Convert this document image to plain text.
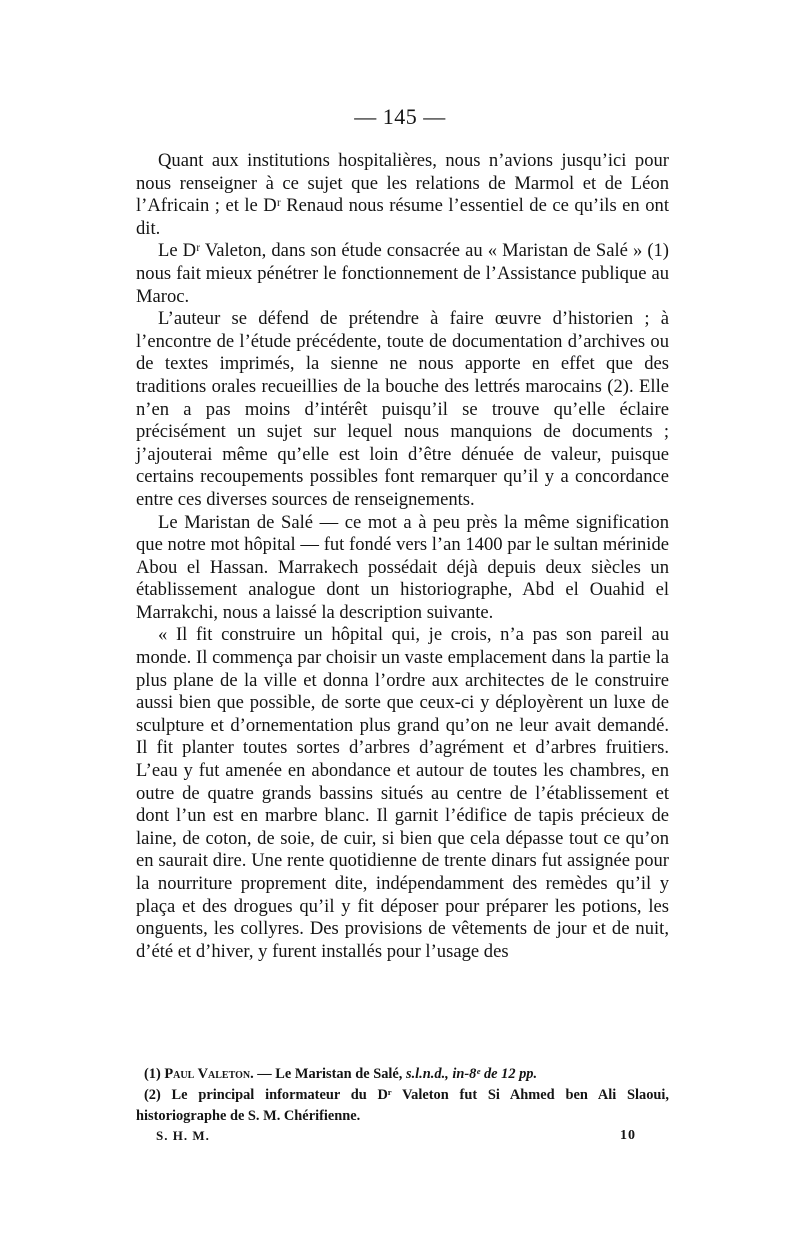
— 145 —

Quant aux institutions hospitalières, nous n’avions jusqu’ici pour nous renseigner à ce sujet que les relations de Marmol et de Léon l’Africain ; et le Dʳ Renaud nous résume l’essentiel de ce qu’ils en ont dit.

Le Dʳ Valeton, dans son étude consacrée au « Maristan de Salé » (1) nous fait mieux pénétrer le fonctionnement de l’Assistance publique au Maroc.

L’auteur se défend de prétendre à faire œuvre d’historien ; à l’encontre de l’étude précédente, toute de documentation d’archives ou de textes imprimés, la sienne ne nous apporte en effet que des traditions orales recueillies de la bouche des lettrés marocains (2). Elle n’en a pas moins d’intérêt puisqu’il se trouve qu’elle éclaire précisément un sujet sur lequel nous manquions de documents ; j’ajouterai même qu’elle est loin d’être dénuée de valeur, puisque certains recoupements possibles font remarquer qu’il y a concordance entre ces diverses sources de renseignements.

Le Maristan de Salé — ce mot a à peu près la même signification que notre mot hôpital — fut fondé vers l’an 1400 par le sultan mérinide Abou el Hassan. Marrakech possédait déjà depuis deux siècles un établissement analogue dont un historiographe, Abd el Ouahid el Marrakchi, nous a laissé la description suivante.

« Il fit construire un hôpital qui, je crois, n’a pas son pareil au monde. Il commença par choisir un vaste emplacement dans la partie la plus plane de la ville et donna l’ordre aux architectes de le construire aussi bien que possible, de sorte que ceux-ci y déployèrent un luxe de sculpture et d’ornementation plus grand qu’on ne leur avait demandé. Il fit planter toutes sortes d’arbres d’agrément et d’arbres fruitiers. L’eau y fut amenée en abondance et autour de toutes les chambres, en outre de quatre grands bassins situés au centre de l’établissement et dont l’un est en marbre blanc. Il garnit l’édifice de tapis précieux de laine, de coton, de soie, de cuir, si bien que cela dépasse tout ce qu’on en saurait dire. Une rente quotidienne de trente dinars fut assignée pour la nourriture proprement dite, indépendamment des remèdes qu’il y plaça et des drogues qu’il y fit déposer pour préparer les potions, les onguents, les collyres. Des provisions de vêtements de jour et de nuit, d’été et d’hiver, y furent installés pour l’usage des

(1) Paul Valeton. — Le Maristan de Salé, s.l.n.d., in-8ᵉ de 12 pp.

(2) Le principal informateur du Dʳ Valeton fut Si Ahmed ben Ali Slaoui, historiographe de S. M. Chérifienne.

S. H. M.	10
